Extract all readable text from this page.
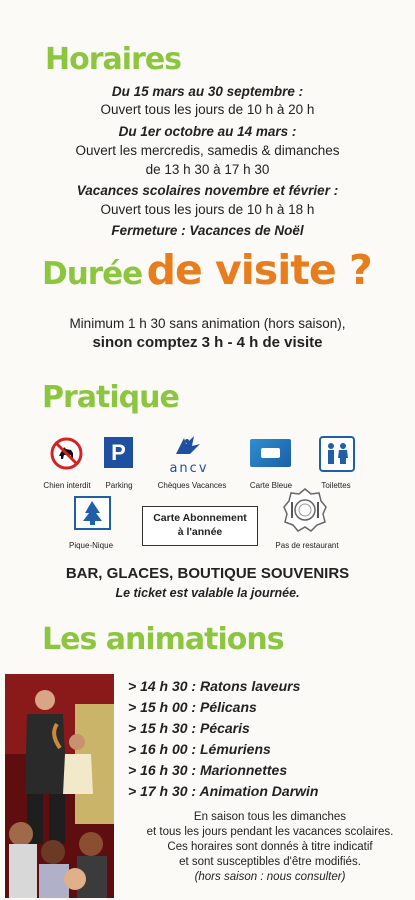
Horaires
Du 15 mars au 30 septembre :
Ouvert tous les jours de 10 h à 20 h
Du 1er octobre au 14 mars :
Ouvert les mercredis, samedis & dimanches
de 13 h 30 à 17 h 30
Vacances scolaires novembre et février :
Ouvert tous les jours de 10 h à 18 h
Fermeture : Vacances de Noël
Durée de visite ?
Minimum 1 h 30 sans animation (hors saison),
sinon comptez 3 h - 4 h de visite
Pratique
Chien interdit
P
Parking
ancv
Chèques Vacances	Carte Bleue	Toilettes
Pique-Nique
Carte Abonnement
à l'année
Pas de restaurant
BAR, GLACES, BOUTIQUE SOUVENIRS
Le ticket est valable la journée.
Les animations
> 14 h 30 : Ratons laveurs
> 15 h 00 : Pélicans
> 15 h 30 : Pécaris
> 16 h 00 : Lémuriens
> 16 h 30 : Marionnettes
> 17 h 30 : Animation Darwin
En saison tous les dimanches
et tous les jours pendant les vacances scolaires.
Ces horaires sont donnés à titre indicatif
et sont susceptibles d'être modifiés.
(hors saison : nous consulter)
